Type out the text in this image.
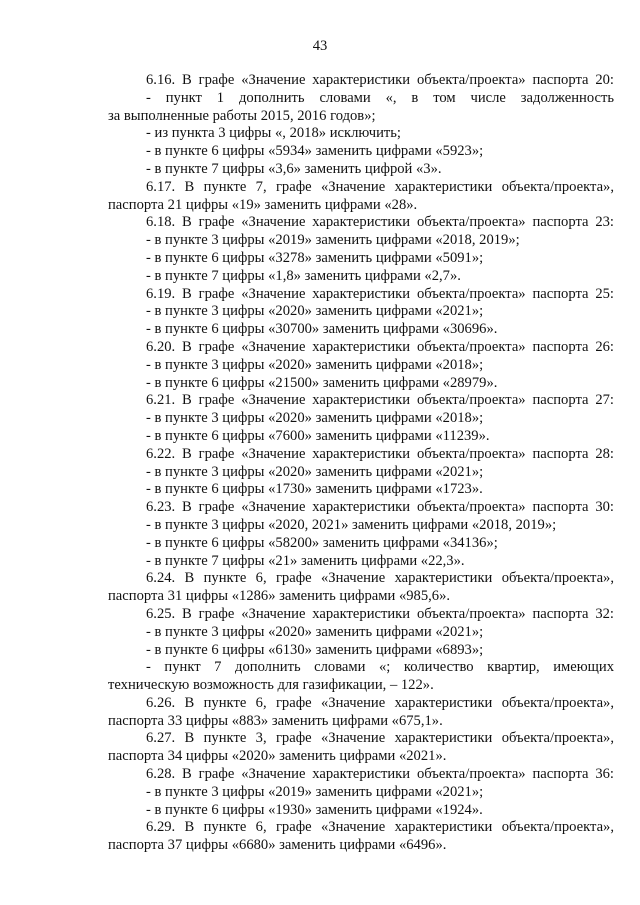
43
6.16. В графе «Значение характеристики объекта/проекта» паспорта 20:
- пункт 1 дополнить словами «, в том числе задолженность
за выполненные работы 2015, 2016 годов»;
- из пункта 3 цифры «, 2018» исключить;
- в пункте 6 цифры «5934» заменить цифрами «5923»;
- в пункте 7 цифры «3,6» заменить цифрой «3».
6.17. В пункте 7, графе «Значение характеристики объекта/проекта»,
паспорта 21 цифры «19» заменить цифрами «28».
6.18. В графе «Значение характеристики объекта/проекта» паспорта 23:
- в пункте 3 цифры «2019» заменить цифрами «2018, 2019»;
- в пункте 6 цифры «3278» заменить цифрами «5091»;
- в пункте 7 цифры «1,8» заменить цифрами «2,7».
6.19. В графе «Значение характеристики объекта/проекта» паспорта 25:
- в пункте 3 цифры «2020» заменить цифрами «2021»;
- в пункте 6 цифры «30700» заменить цифрами «30696».
6.20. В графе «Значение характеристики объекта/проекта» паспорта 26:
- в пункте 3 цифры «2020» заменить цифрами «2018»;
- в пункте 6 цифры «21500» заменить цифрами «28979».
6.21. В графе «Значение характеристики объекта/проекта» паспорта 27:
- в пункте 3 цифры «2020» заменить цифрами «2018»;
- в пункте 6 цифры «7600» заменить цифрами «11239».
6.22. В графе «Значение характеристики объекта/проекта» паспорта 28:
- в пункте 3 цифры «2020» заменить цифрами «2021»;
- в пункте 6 цифры «1730» заменить цифрами «1723».
6.23. В графе «Значение характеристики объекта/проекта» паспорта 30:
- в пункте 3 цифры «2020, 2021» заменить цифрами «2018, 2019»;
- в пункте 6 цифры «58200» заменить цифрами «34136»;
- в пункте 7 цифры «21» заменить цифрами «22,3».
6.24. В пункте 6, графе «Значение характеристики объекта/проекта»,
паспорта 31 цифры «1286» заменить цифрами «985,6».
6.25. В графе «Значение характеристики объекта/проекта» паспорта 32:
- в пункте 3 цифры «2020» заменить цифрами «2021»;
- в пункте 6 цифры «6130» заменить цифрами «6893»;
- пункт 7 дополнить словами «; количество квартир, имеющих
техническую возможность для газификации, – 122».
6.26. В пункте 6, графе «Значение характеристики объекта/проекта»,
паспорта 33 цифры «883» заменить цифрами «675,1».
6.27. В пункте 3, графе «Значение характеристики объекта/проекта»,
паспорта 34 цифры «2020» заменить цифрами «2021».
6.28. В графе «Значение характеристики объекта/проекта» паспорта 36:
- в пункте 3 цифры «2019» заменить цифрами «2021»;
- в пункте 6 цифры «1930» заменить цифрами «1924».
6.29. В пункте 6, графе «Значение характеристики объекта/проекта»,
паспорта 37 цифры «6680» заменить цифрами «6496».
